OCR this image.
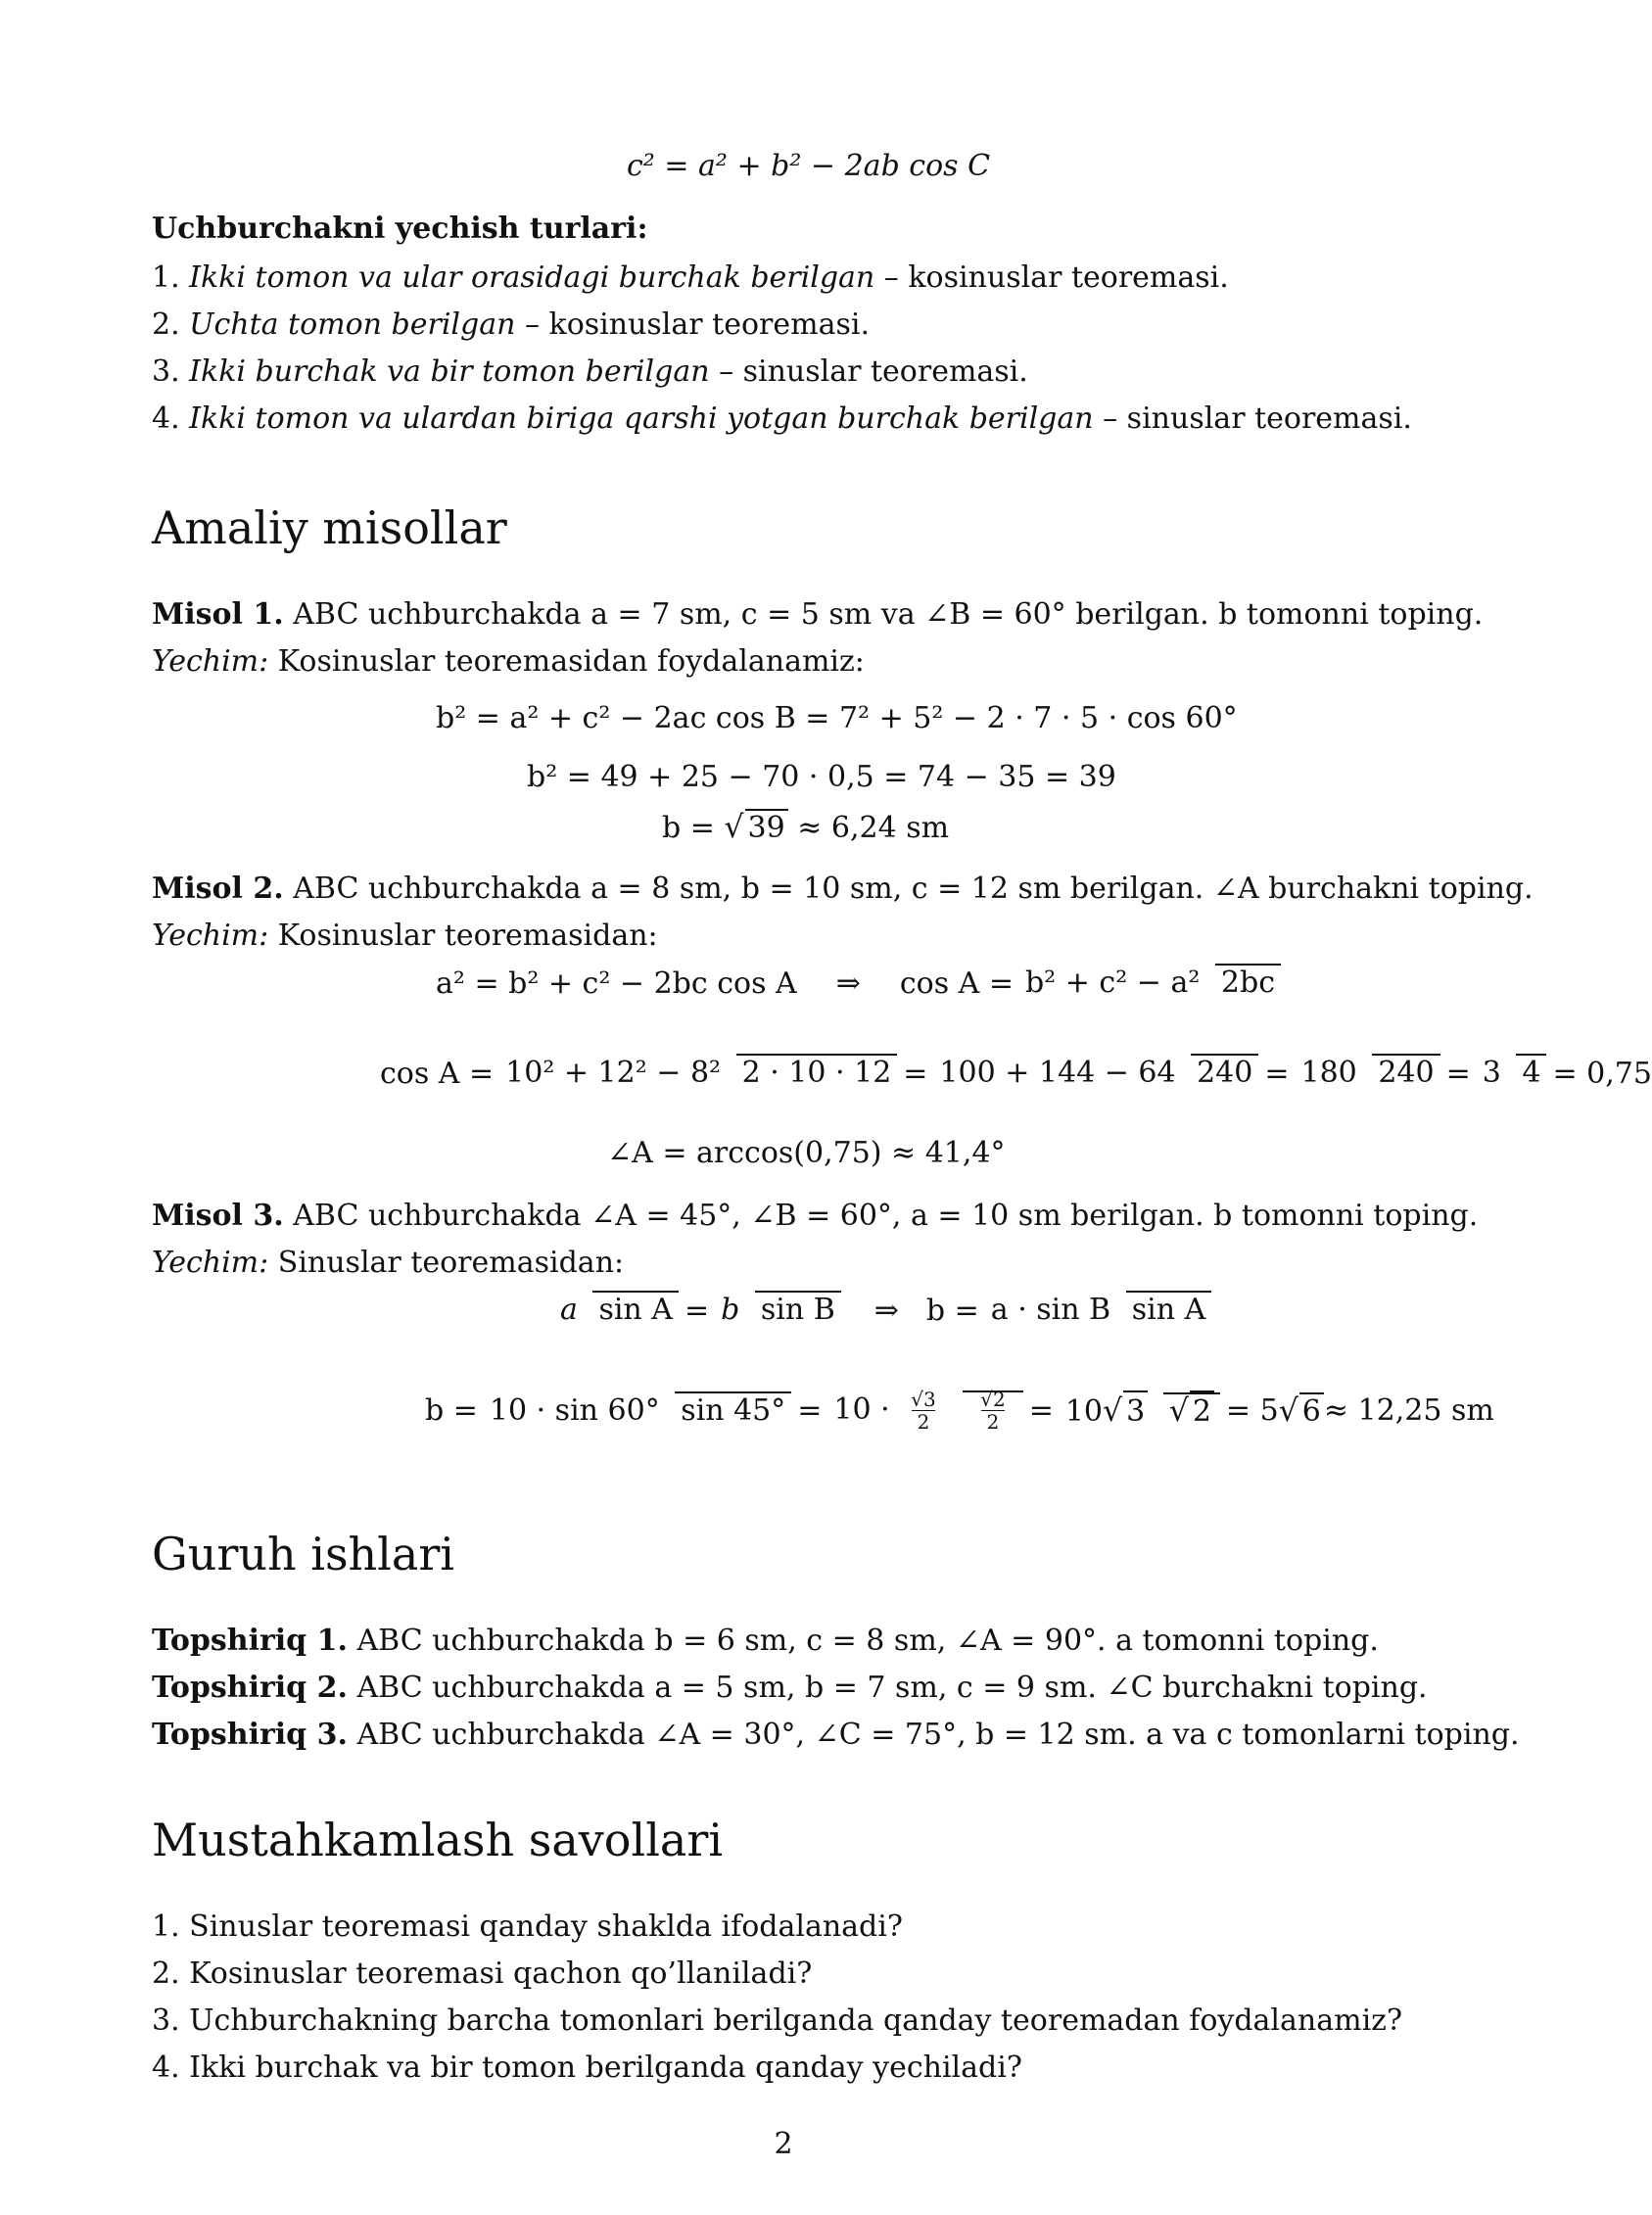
c² = a² + b² − 2ab cos C
Uchburchakni yechish turlari:
1. Ikki tomon va ular orasidagi burchak berilgan – kosinuslar teoremasi.
2. Uchta tomon berilgan – kosinuslar teoremasi.
3. Ikki burchak va bir tomon berilgan – sinuslar teoremasi.
4. Ikki tomon va ulardan biriga qarshi yotgan burchak berilgan – sinuslar teoremasi.
Amaliy misollar
Misol 1. ABC uchburchakda a = 7 sm, c = 5 sm va ∠B = 60° berilgan. b tomonni toping.
Yechim: Kosinuslar teoremasidan foydalanamiz:
b² = a² + c² − 2ac cos B = 7² + 5² − 2 · 7 · 5 · cos 60°
b² = 49 + 25 − 70 · 0,5 = 74 − 35 = 39
b = √ 39 ≈ 6,24 sm
Misol 2. ABC uchburchakda a = 8 sm, b = 10 sm, c = 12 sm berilgan. ∠A burchakni toping.
Yechim: Kosinuslar teoremasidan:
a² = b² + c² − 2bc cos A ⇒ cos A = b² + c² − a² 2bc
cos A = 10² + 12² − 8² 2 · 10 · 12 = 100 + 144 − 64 240 = 180 240 = 3 4 = 0,75
∠A = arccos(0,75) ≈ 41,4°
Misol 3. ABC uchburchakda ∠A = 45°, ∠B = 60°, a = 10 sm berilgan. b tomonni toping.
Yechim: Sinuslar teoremasidan:
a sin A = b sin B ⇒ b = a · sin B sin A
b = 10 · sin 60° $\sin 45^\circ = 10 \cdot \frac{√3}{2}$
$\frac{√2}{2} = 10√$ 3 √ 2 = 5 √ 6 ≈ 12,25 sm
Guruh ishlari
Topshiriq 1. ABC uchburchakda b = 6 sm, c = 8 sm, ∠A = 90°. a tomonni toping.
Topshiriq 2. ABC uchburchakda a = 5 sm, b = 7 sm, c = 9 sm. ∠C burchakni toping.
Topshiriq 3. ABC uchburchakda ∠A = 30°, ∠C = 75°, b = 12 sm. a va c tomonlarni toping.
Mustahkamlash savollari
1. Sinuslar teoremasi qanday shaklda ifodalanadi?
2. Kosinuslar teoremasi qachon qo’llaniladi?
3. Uchburchakning barcha tomonlari berilganda qanday teoremadan foydalanamiz?
4. Ikki burchak va bir tomon berilganda qanday yechiladi?
2
